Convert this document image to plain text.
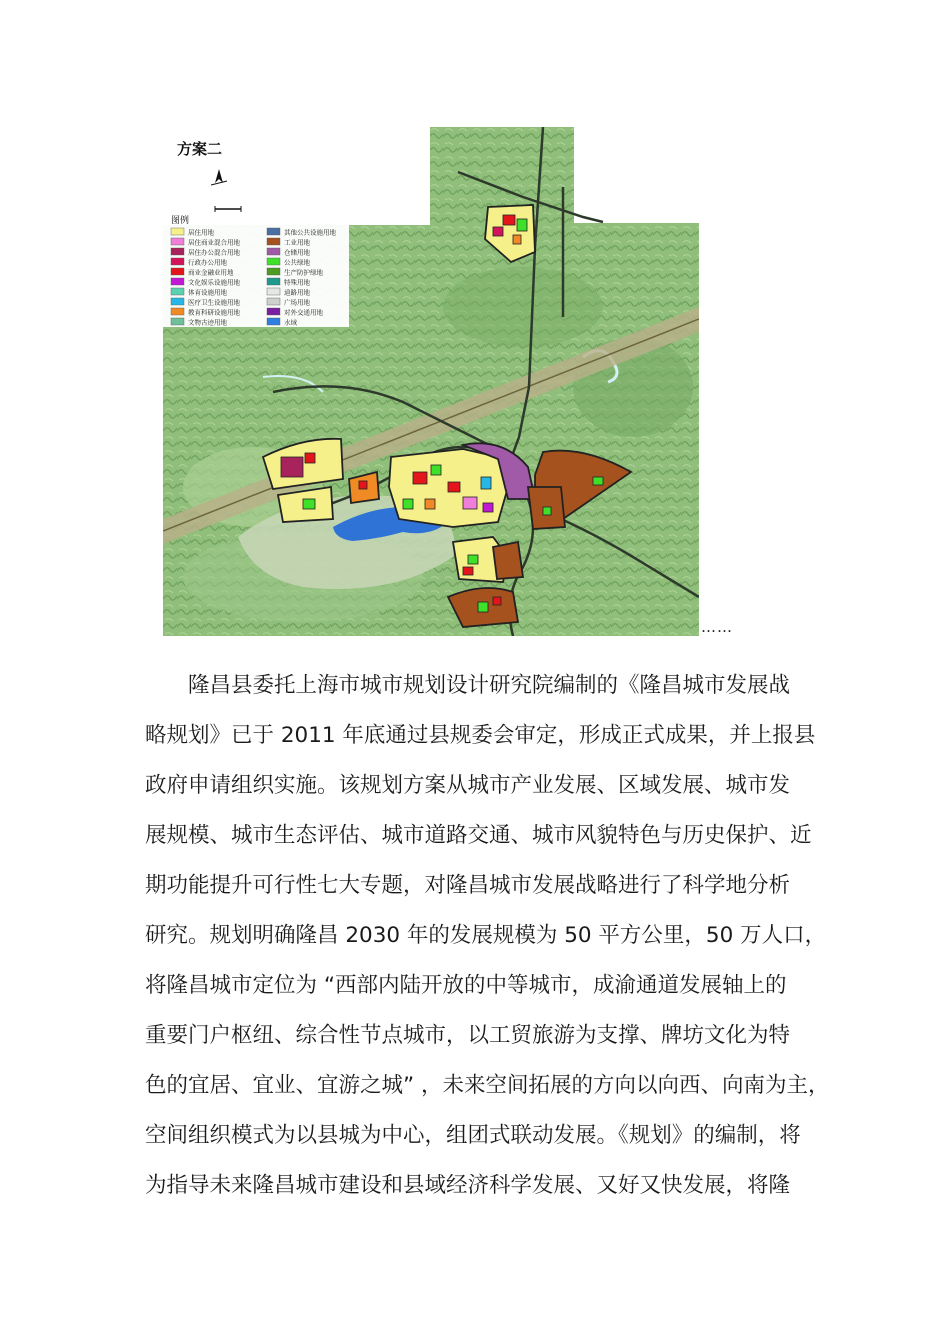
方案二
图例
居住用地
居住商业混合用地
居住办公混合用地
行政办公用地
商业金融业用地
文化娱乐设施用地
体育设施用地
医疗卫生设施用地
教育科研设施用地
文物古迹用地
其他公共设施用地
工业用地
仓储用地
公共绿地
生产防护绿地
特殊用地
道路用地
广场用地
对外交通用地
水域
……
隆昌县委托上海市城市规划设计研究院编制的《隆昌城市发展战
略规划》已于 2011 年底通过县规委会审定，形成正式成果，并上报县
政府申请组织实施。该规划方案从城市产业发展、区域发展、城市发
展规模、城市生态评估、城市道路交通、城市风貌特色与历史保护、近
期功能提升可行性七大专题，对隆昌城市发展战略进行了科学地分析
研究。规划明确隆昌 2030 年的发展规模为 50 平方公里，50 万人口，
将隆昌城市定位为 “西部内陆开放的中等城市，成渝通道发展轴上的
重要门户枢纽、综合性节点城市，以工贸旅游为支撑、牌坊文化为特
色的宜居、宜业、宜游之城” ，未来空间拓展的方向以向西、向南为主，
空间组织模式为以县城为中心，组团式联动发展。《规划》的编制，将
为指导未来隆昌城市建设和县域经济科学发展、又好又快发展，将隆
